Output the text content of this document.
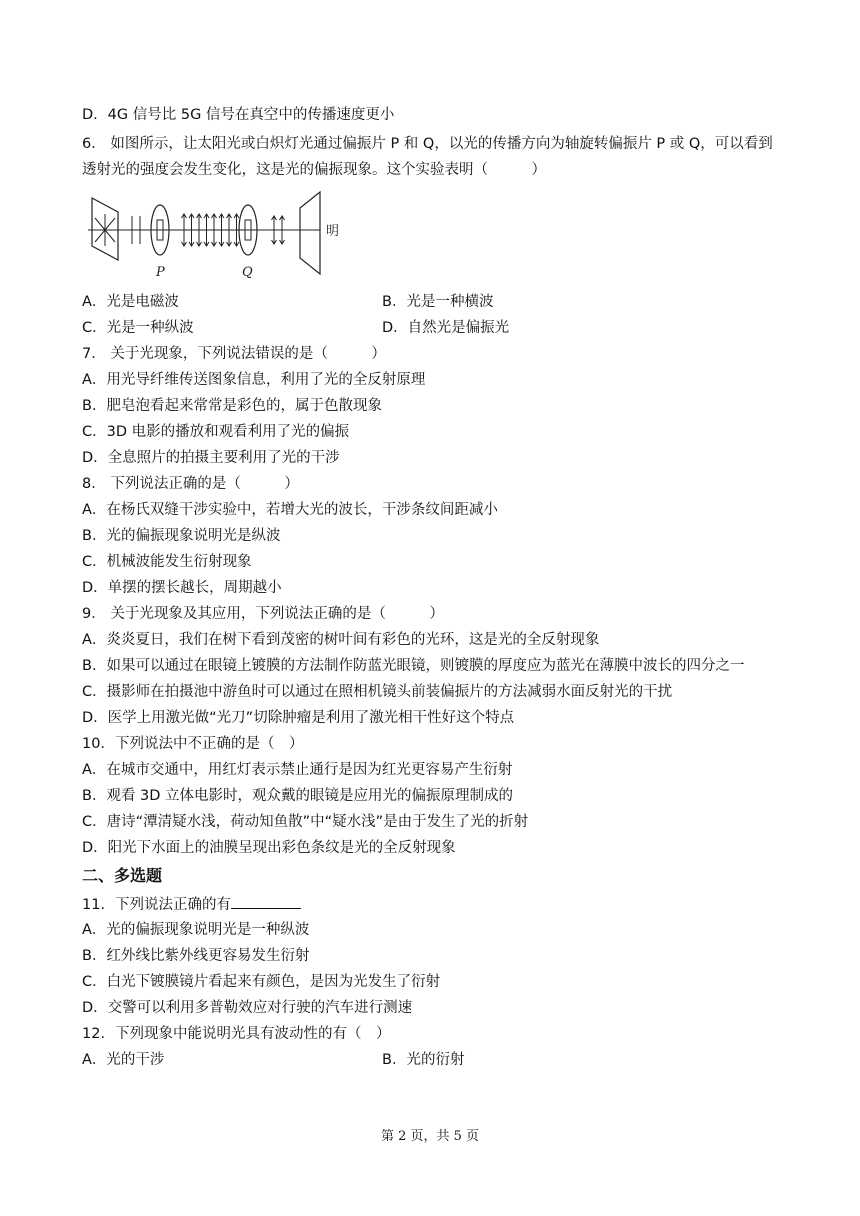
D．4G 信号比 5G 信号在真空中的传播速度更小
6． 如图所示，让太阳光或白炽灯光通过偏振片 P 和 Q，以光的传播方向为轴旋转偏振片 P 或 Q，可以看到
透射光的强度会发生变化，这是光的偏振现象。这个实验表明（　　　）
明
P	Q
A．光是电磁波	B．光是一种横波
C．光是一种纵波	D．自然光是偏振光
7． 关于光现象，下列说法错误的是（　　　）
A．用光导纤维传送图象信息，利用了光的全反射原理
B．肥皂泡看起来常常是彩色的，属于色散现象
C．3D 电影的播放和观看利用了光的偏振
D．全息照片的拍摄主要利用了光的干涉
8． 下列说法正确的是（　　　）
A．在杨氏双缝干涉实验中，若增大光的波长，干涉条纹间距减小
B．光的偏振现象说明光是纵波
C．机械波能发生衍射现象
D．单摆的摆长越长，周期越小
9． 关于光现象及其应用，下列说法正确的是（　　　）
A．炎炎夏日，我们在树下看到茂密的树叶间有彩色的光环，这是光的全反射现象
B．如果可以通过在眼镜上镀膜的方法制作防蓝光眼镜，则镀膜的厚度应为蓝光在薄膜中波长的四分之一
C．摄影师在拍摄池中游鱼时可以通过在照相机镜头前装偏振片的方法减弱水面反射光的干扰
D．医学上用激光做“光刀”切除肿瘤是利用了激光相干性好这个特点
10．下列说法中不正确的是（　）
A．在城市交通中，用红灯表示禁止通行是因为红光更容易产生衍射
B．观看 3D 立体电影时，观众戴的眼镜是应用光的偏振原理制成的
C．唐诗“潭清疑水浅，荷动知鱼散”中“疑水浅”是由于发生了光的折射
D．阳光下水面上的油膜呈现出彩色条纹是光的全反射现象
二、多选题
11．下列说法正确的有
A．光的偏振现象说明光是一种纵波
B．红外线比紫外线更容易发生衍射
C．白光下镀膜镜片看起来有颜色，是因为光发生了衍射
D．交警可以利用多普勒效应对行驶的汽车进行测速
12．下列现象中能说明光具有波动性的有（　）
A．光的干涉	B．光的衍射
第 2 页，共 5 页
